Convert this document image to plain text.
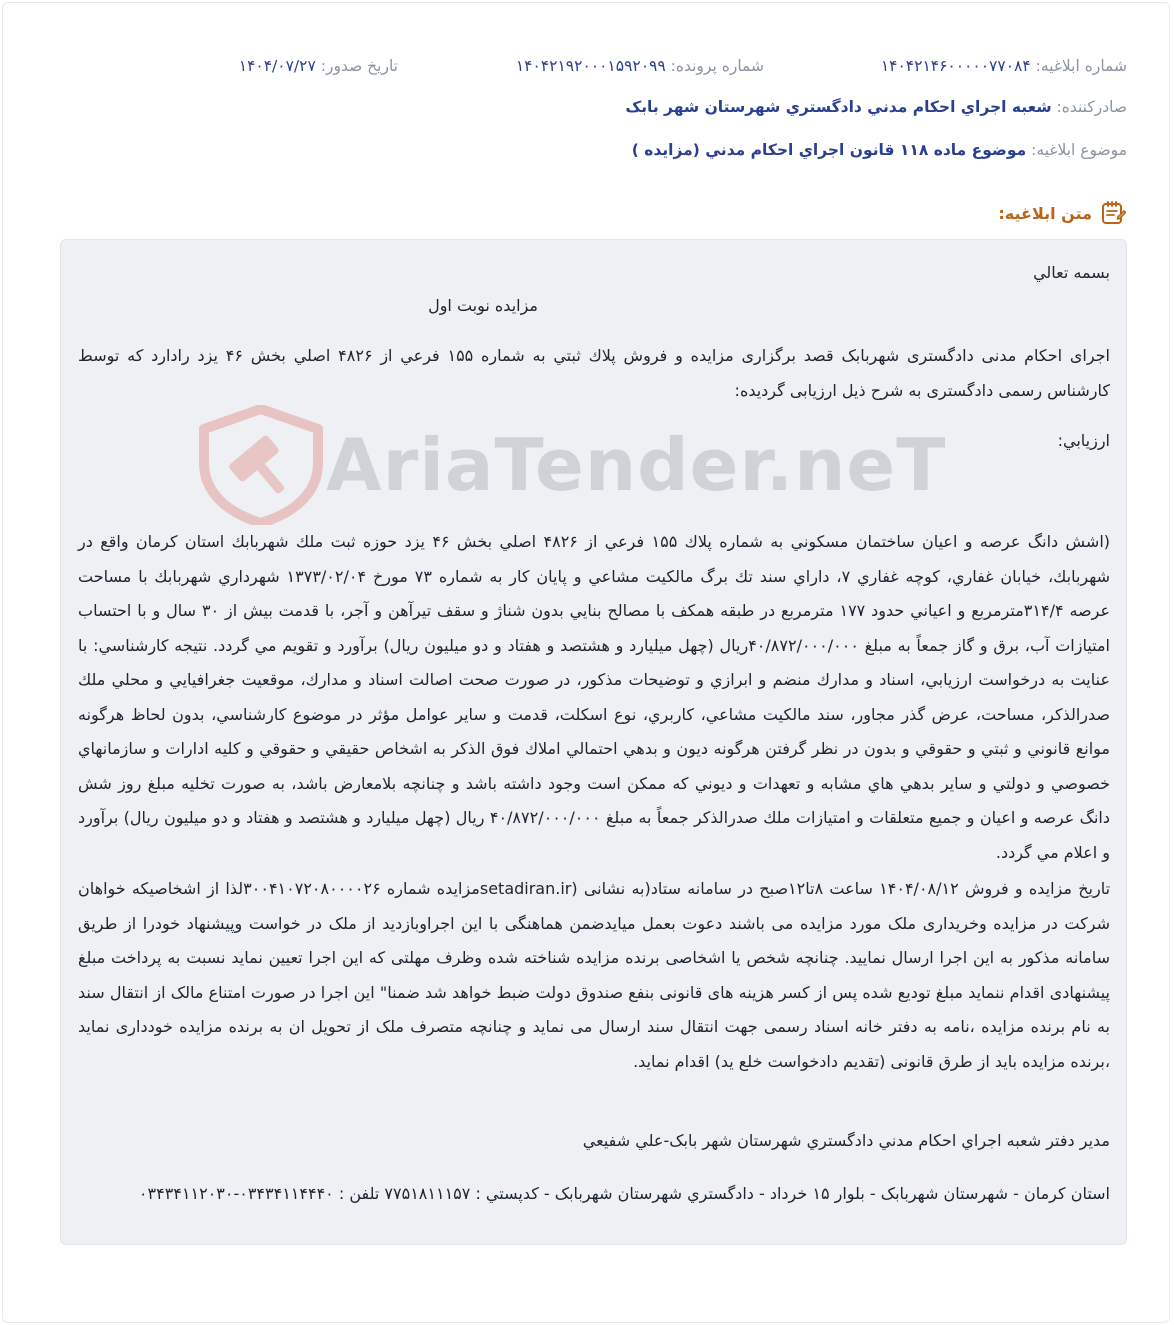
شماره ابلاغيه: ۱۴۰۴۲۱۴۶۰۰۰۰۰۷۷۰۸۴
شماره پرونده: ۱۴۰۴۲۱۹۲۰۰۰۱۵۹۲۰۹۹
تاريخ صدور: ۱۴۰۴/۰۷/۲۷
صادرکننده: شعبه اجراي احکام مدني دادگستري شهرستان شهر بابک
موضوع ابلاغيه: موضوع ماده ۱۱۸ قانون اجراي احکام مدني (مزايده )
متن ابلاغيه:
AriaTender.neT
بسمه تعالي
مزايده نوبت اول
اجرای احکام مدنی دادگستری شهربابک قصد برگزاری مزایده و فروش پلاك ثبتي به شماره ۱۵۵ فرعي از ۴۸۲۶ اصلي بخش ۴۶ يزد رادارد كه توسط كارشناس رسمی دادگستری به شرح ذیل ارزیابی گردیده:
ارزيابي:
(اشش دانگ عرصه و اعيان ساختمان مسكوني به شماره پلاك ۱۵۵ فرعي از ۴۸۲۶ اصلي بخش ۴۶ يزد حوزه ثبت ملك شهربابك استان كرمان واقع در شهربابك، خيابان غفاري، كوچه غفاري ۷، داراي سند تك برگ مالكيت مشاعي و پايان كار به شماره ۷۳ مورخ ۱۳۷۳/۰۲/۰۴ شهرداري شهربابك با مساحت عرصه ۳۱۴/۴مترمربع و اعياني حدود ۱۷۷ مترمربع در طبقه همكف با مصالح بنايي بدون شناژ و سقف تيرآهن و آجر، با قدمت بيش از ۳۰ سال و با احتساب امتيازات آب، برق و گاز جمعاً به مبلغ ۴۰/۸۷۲/۰۰۰/۰۰۰ريال (چهل ميليارد و هشتصد و هفتاد و دو ميليون ريال) برآورد و تقويم مي گردد. نتيجه كارشناسي: با عنايت به درخواست ارزيابي، اسناد و مدارك منضم و ابرازي و توضيحات مذكور، در صورت صحت اصالت اسناد و مدارك، موقعيت جغرافيايي و محلي ملك صدرالذكر، مساحت، عرض گذر مجاور، سند مالكيت مشاعي، كاربري، نوع اسكلت، قدمت و ساير عوامل مؤثر در موضوع كارشناسي، بدون لحاظ هرگونه موانع قانوني و ثبتي و حقوقي و بدون در نظر گرفتن هرگونه ديون و بدهي احتمالي املاك فوق الذكر به اشخاص حقيقي و حقوقي و كليه ادارات و سازمانهاي خصوصي و دولتي و ساير بدهي هاي مشابه و تعهدات و ديوني كه ممكن است وجود داشته باشد و چنانچه بلامعارض باشد، به صورت تخليه مبلغ روز شش دانگ عرصه و اعيان و جميع متعلقات و امتيازات ملك صدرالذكر جمعاً به مبلغ ۴۰/۸۷۲/۰۰۰/۰۰۰ ريال (چهل ميليارد و هشتصد و هفتاد و دو ميليون ريال) برآورد و اعلام مي گردد.
تاریخ مزایده و فروش ۱۴۰۴/۰۸/۱۲ ساعت ۸تا۱۲صبح در سامانه ستاد(به نشانی (setadiran.irمزایده شماره ۳۰۰۴۱۰۷۲۰۸۰۰۰۰۲۶لذا از اشخاصیکه خواهان شرکت در مزایده وخریداری ملک مورد مزایده می باشند دعوت بعمل میایدضمن هماهنگی با این اجراوبازدید از ملک در خواست وپیشنهاد خودرا از طریق سامانه مذکور به این اجرا ارسال نمایید. چنانچه شخص یا اشخاصی برنده مزایده شناخته شده وظرف مهلتی که این اجرا تعیین نماید نسبت به پرداخت مبلغ پیشنهادی اقدام ننماید مبلغ تودیع شده پس از کسر هزینه های قانونی بنفع صندوق دولت ضبط خواهد شد ضمنا" این اجرا در صورت امتناع مالک از انتقال سند به نام برنده مزایده ،نامه به دفتر خانه اسناد رسمی جهت انتقال سند ارسال می نماید و چنانچه متصرف ملک از تحویل ان به برنده مزایده خودداری نماید ،برنده مزایده باید از طرق قانونی (تقدیم دادخواست خلع ید) اقدام نماید.
مدير دفتر شعبه اجراي احکام مدني دادگستري شهرستان شهر بابک-علي شفيعي
استان کرمان - شهرستان شهربابک - بلوار ۱۵ خرداد - دادگستري شهرستان شهربابک - کدپستي : ۷۷۵۱۸۱۱۱۵۷ تلفن : ۰۳۴۳۴۱۱۴۴۴۰-۰۳۴۳۴۱۱۲۰۳۰
